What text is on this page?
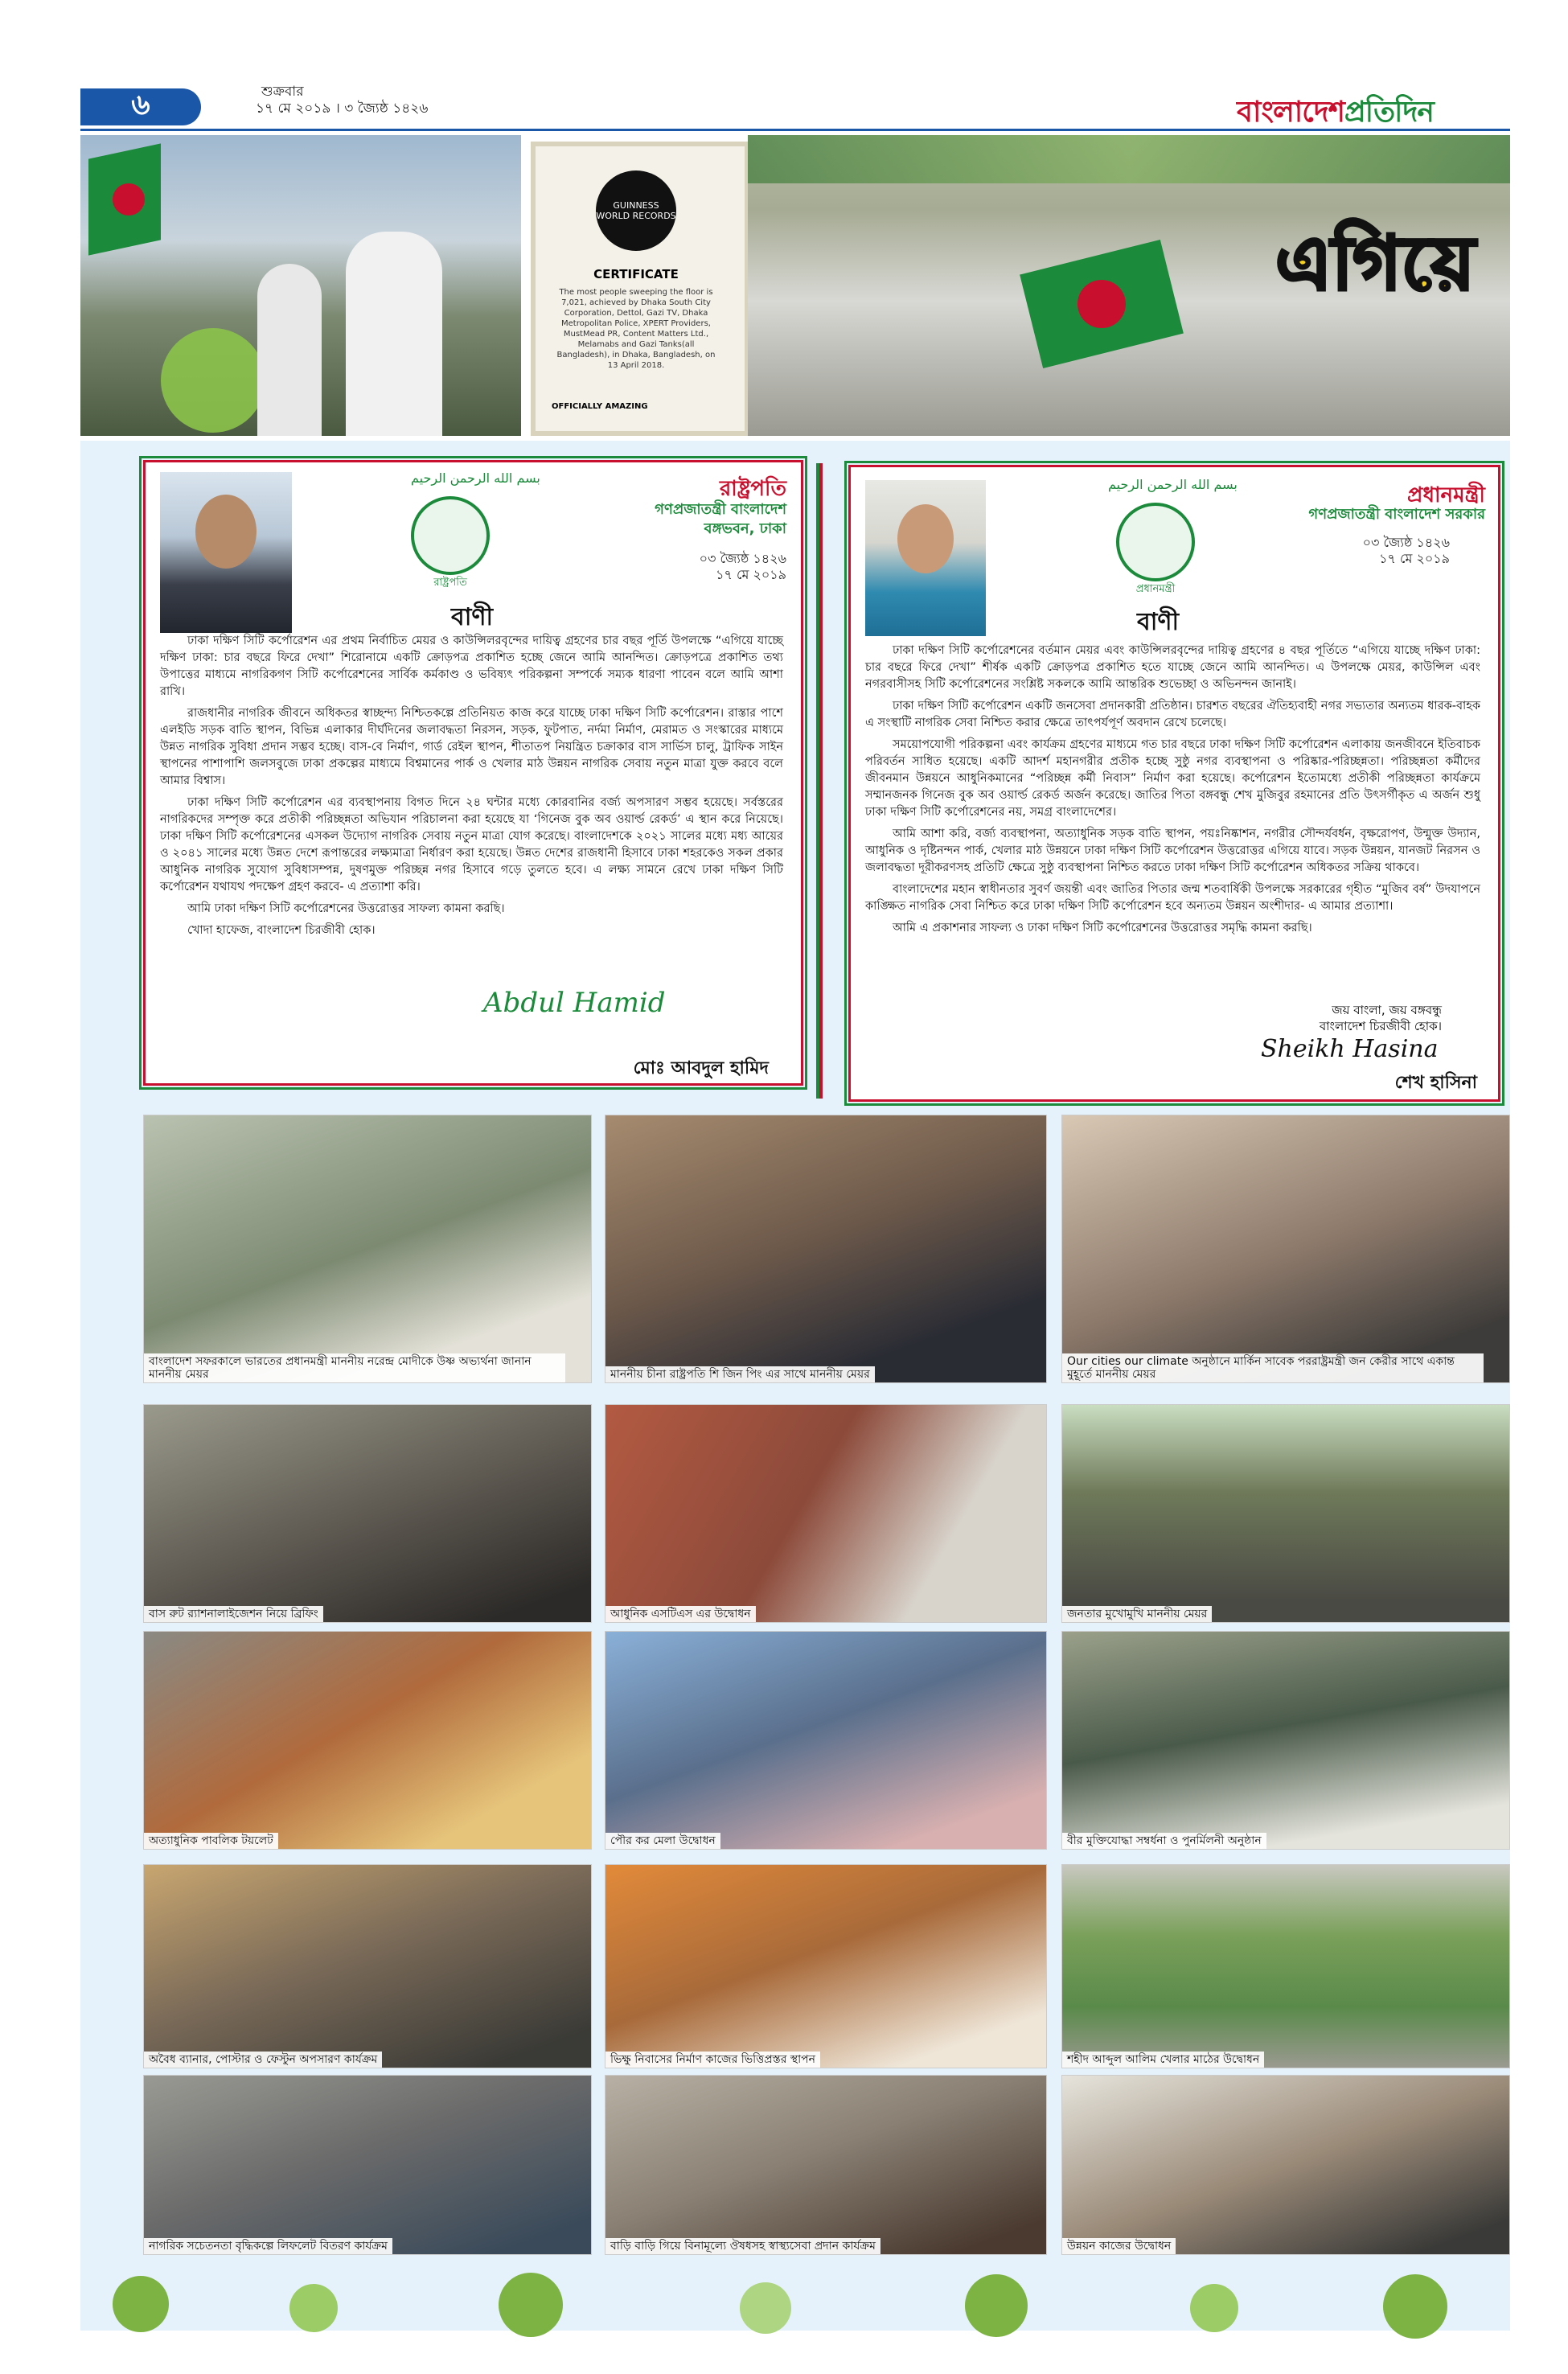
৬	শুক্রবার
১৭ মে ২০১৯ । ৩ জ্যৈষ্ঠ ১৪২৬	বাংলাদেশপ্রতিদিন
GUINNESS WORLD RECORDS
CERTIFICATE
The most people sweeping the floor is 7,021, achieved by Dhaka South City Corporation, Dettol, Gazi TV, Dhaka Metropolitan Police, XPERT Providers, MustMead PR, Content Matters Ltd., Melamabs and Gazi Tanks(all Bangladesh), in Dhaka, Bangladesh, on 13 April 2018.
OFFICIALLY AMAZING
এগিয়ে
بسم الله الرحمن الرحيم
রাষ্ট্রপতি
রাষ্ট্রপতি
গণপ্রজাতন্ত্রী বাংলাদেশ
বঙ্গভবন, ঢাকা
০৩ জ্যৈষ্ঠ ১৪২৬
১৭ মে ২০১৯
বাণী

ঢাকা দক্ষিণ সিটি কর্পোরেশন এর প্রথম নির্বাচিত মেয়র ও কাউন্সিলরবৃন্দের দায়িত্ব গ্রহণের চার বছর পূর্তি উপলক্ষে “এগিয়ে যাচ্ছে দক্ষিণ ঢাকা: চার বছরে ফিরে দেখা” শিরোনামে একটি ক্রোড়পত্র প্রকাশিত হচ্ছে জেনে আমি আনন্দিত। ক্রোড়পত্রে প্রকাশিত তথ্য উপাত্তের মাধ্যমে নাগরিকগণ সিটি কর্পোরেশনের সার্বিক কর্মকাণ্ড ও ভবিষ্যৎ পরিকল্পনা সম্পর্কে সম্যক ধারণা পাবেন বলে আমি আশা রাখি।

রাজধানীর নাগরিক জীবনে অধিকতর স্বাচ্ছন্দ্য নিশ্চিতকল্পে প্রতিনিয়ত কাজ করে যাচ্ছে ঢাকা দক্ষিণ সিটি কর্পোরেশন। রাস্তার পাশে এলইডি সড়ক বাতি স্থাপন, বিভিন্ন এলাকার দীর্ঘদিনের জলাবদ্ধতা নিরসন, সড়ক, ফুটপাত, নর্দমা নির্মাণ, মেরামত ও সংস্কারের মাধ্যমে উন্নত নাগরিক সুবিধা প্রদান সম্ভব হচ্ছে। বাস-বে নির্মাণ, গার্ড রেইল স্থাপন, শীতাতপ নিয়ন্ত্রিত চক্রাকার বাস সার্ভিস চালু, ট্রাফিক সাইন স্থাপনের পাশাপাশি জলসবুজে ঢাকা প্রকল্পের মাধ্যমে বিশ্বমানের পার্ক ও খেলার মাঠ উন্নয়ন নাগরিক সেবায় নতুন মাত্রা যুক্ত করবে বলে আমার বিশ্বাস।

ঢাকা দক্ষিণ সিটি কর্পোরেশন এর ব্যবস্থাপনায় বিগত দিনে ২৪ ঘন্টার মধ্যে কোরবানির বর্জ্য অপসারণ সম্ভব হয়েছে। সর্বস্তরের নাগরিকদের সম্পৃক্ত করে প্রতীকী পরিচ্ছন্নতা অভিযান পরিচালনা করা হয়েছে যা ‘গিনেজ বুক অব ওয়ার্ল্ড রেকর্ড’ এ স্থান করে নিয়েছে। ঢাকা দক্ষিণ সিটি কর্পোরেশনের এসকল উদ্যোগ নাগরিক সেবায় নতুন মাত্রা যোগ করেছে। বাংলাদেশকে ২০২১ সালের মধ্যে মধ্য আয়ের ও ২০৪১ সালের মধ্যে উন্নত দেশে রূপান্তরের লক্ষ্যমাত্রা নির্ধারণ করা হয়েছে। উন্নত দেশের রাজধানী হিসাবে ঢাকা শহরকেও সকল প্রকার আধুনিক নাগরিক সুযোগ সুবিধাসম্পন্ন, দুষণমুক্ত পরিচ্ছন্ন নগর হিসাবে গড়ে তুলতে হবে। এ লক্ষ্য সামনে রেখে ঢাকা দক্ষিণ সিটি কর্পোরেশন যথাযথ পদক্ষেপ গ্রহণ করবে- এ প্রত্যাশা করি।

আমি ঢাকা দক্ষিণ সিটি কর্পোরেশনের উত্তরোত্তর সাফল্য কামনা করছি।

খোদা হাফেজ, বাংলাদেশ চিরজীবী হোক।

Abdul Hamid
মোঃ আবদুল হামিদ
بسم الله الرحمن الرحيم
প্রধানমন্ত্রী
প্রধানমন্ত্রী
গণপ্রজাতন্ত্রী বাংলাদেশ সরকার
০৩ জ্যৈষ্ঠ ১৪২৬
১৭ মে ২০১৯
বাণী

ঢাকা দক্ষিণ সিটি কর্পোরেশনের বর্তমান মেয়র এবং কাউন্সিলরবৃন্দের দায়িত্ব গ্রহণের ৪ বছর পূর্তিতে “এগিয়ে যাচ্ছে দক্ষিণ ঢাকা: চার বছরে ফিরে দেখা” শীর্ষক একটি ক্রোড়পত্র প্রকাশিত হতে যাচ্ছে জেনে আমি আনন্দিত। এ উপলক্ষে মেয়র, কাউন্সিল এবং নগরবাসীসহ সিটি কর্পোরেশনের সংশ্লিষ্ট সকলকে আমি আন্তরিক শুভেচ্ছা ও অভিনন্দন জানাই।

ঢাকা দক্ষিণ সিটি কর্পোরেশন একটি জনসেবা প্রদানকারী প্রতিষ্ঠান। চারশত বছরের ঐতিহ্যবাহী নগর সভ্যতার অন্যতম ধারক-বাহক এ সংস্থাটি নাগরিক সেবা নিশ্চিত করার ক্ষেত্রে তাৎপর্যপূর্ণ অবদান রেখে চলেছে।

সময়োপযোগী পরিকল্পনা এবং কার্যক্রম গ্রহণের মাধ্যমে গত চার বছরে ঢাকা দক্ষিণ সিটি কর্পোরেশন এলাকায় জনজীবনে ইতিবাচক পরিবর্তন সাধিত হয়েছে। একটি আদর্শ মহানগরীর প্রতীক হচ্ছে সুষ্ঠু নগর ব্যবস্থাপনা ও পরিষ্কার-পরিচ্ছন্নতা। পরিচ্ছন্নতা কর্মীদের জীবনমান উন্নয়নে আধুনিকমানের “পরিচ্ছন্ন কর্মী নিবাস” নির্মাণ করা হয়েছে। কর্পোরেশন ইতোমধ্যে প্রতীকী পরিচ্ছন্নতা কার্যক্রমে সম্মানজনক গিনেজ বুক অব ওয়ার্ল্ড রেকর্ড অর্জন করেছে। জাতির পিতা বঙ্গবন্ধু শেখ মুজিবুর রহমানের প্রতি উৎসর্গীকৃত এ অর্জন শুধু ঢাকা দক্ষিণ সিটি কর্পোরেশনের নয়, সমগ্র বাংলাদেশের।

আমি আশা করি, বর্জ্য ব্যবস্থাপনা, অত্যাধুনিক সড়ক বাতি স্থাপন, পয়ঃনিষ্কাশন, নগরীর সৌন্দর্যবর্ধন, বৃক্ষরোপণ, উন্মুক্ত উদ্যান, আধুনিক ও দৃষ্টিনন্দন পার্ক, খেলার মাঠ উন্নয়নে ঢাকা দক্ষিণ সিটি কর্পোরেশন উত্তরোত্তর এগিয়ে যাবে। সড়ক উন্নয়ন, যানজট নিরসন ও জলাবদ্ধতা দূরীকরণসহ প্রতিটি ক্ষেত্রে সুষ্ঠু ব্যবস্থাপনা নিশ্চিত করতে ঢাকা দক্ষিণ সিটি কর্পোরেশন অধিকতর সক্রিয় থাকবে।

বাংলাদেশের মহান স্বাধীনতার সুবর্ণ জয়ন্তী এবং জাতির পিতার জন্ম শতবার্ষিকী উপলক্ষে সরকারের গৃহীত “মুজিব বর্ষ” উদযাপনে কাঙ্ক্ষিত নাগরিক সেবা নিশ্চিত করে ঢাকা দক্ষিণ সিটি কর্পোরেশন হবে অন্যতম উন্নয়ন অংশীদার- এ আমার প্রত্যাশা।

আমি এ প্রকাশনার সাফল্য ও ঢাকা দক্ষিণ সিটি কর্পোরেশনের উত্তরোত্তর সমৃদ্ধি কামনা করছি।

জয় বাংলা, জয় বঙ্গবন্ধু
বাংলাদেশ চিরজীবী হোক।
Sheikh Hasina
শেখ হাসিনা
বাংলাদেশ সফরকালে ভারতের প্রধানমন্ত্রী মাননীয় নরেন্দ্র মোদীকে উষ্ণ অভ্যর্থনা জানান মাননীয় মেয়র	মাননীয় চীনা রাষ্ট্রপতি শি জিন পিং এর সাথে মাননীয় মেয়র
Our cities our climate অনুষ্ঠানে মার্কিন সাবেক পররাষ্ট্রমন্ত্রী জন কেরীর সাথে একান্ত মুহূর্তে মাননীয় মেয়র
বাস রুট র‍্যাশনালাইজেশন নিয়ে ব্রিফিং	আধুনিক এসটিএস এর উদ্বোধন	জনতার মুখোমুখি মাননীয় মেয়র
অত্যাধুনিক পাবলিক টয়লেট	পৌর কর মেলা উদ্বোধন	বীর মুক্তিযোদ্ধা সম্বর্ধনা ও পুনর্মিলনী অনুষ্ঠান
অবৈধ ব্যানার, পোস্টার ও ফেস্টুন অপসারণ কার্যক্রম	ভিক্ষু নিবাসের নির্মাণ কাজের ভিত্তিপ্রস্তর স্থাপন	শহীদ আব্দুল আলিম খেলার মাঠের উদ্বোধন
নাগরিক সচেতনতা বৃদ্ধিকল্পে লিফলেট বিতরণ কার্যক্রম	বাড়ি বাড়ি গিয়ে বিনামূল্যে ঔষধসহ স্বাস্থ্যসেবা প্রদান কার্যক্রম	উন্নয়ন কাজের উদ্বোধন
